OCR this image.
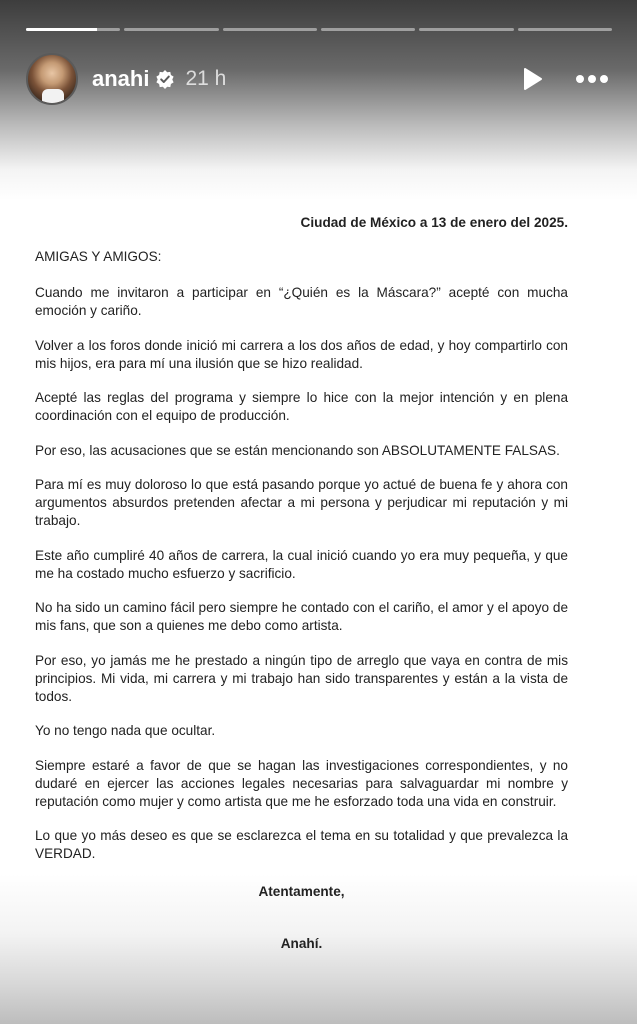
anahi 21 h

Ciudad de México a 13 de enero del 2025.

AMIGAS Y AMIGOS:

Cuando me invitaron a participar en “¿Quién es la Máscara?” acepté con mucha emoción y cariño.

Volver a los foros donde inició mi carrera a los dos años de edad, y hoy compartirlo con mis hijos, era para mí una ilusión que se hizo realidad.

Acepté las reglas del programa y siempre lo hice con la mejor intención y en plena coordinación con el equipo de producción.

Por eso, las acusaciones que se están mencionando son ABSOLUTAMENTE FALSAS.

Para mí es muy doloroso lo que está pasando porque yo actué de buena fe y ahora con argumentos absurdos pretenden afectar a mi persona y perjudicar mi reputación y mi trabajo.

Este año cumpliré 40 años de carrera, la cual inició cuando yo era muy pequeña, y que me ha costado mucho esfuerzo y sacrificio.

No ha sido un camino fácil pero siempre he contado con el cariño, el amor y el apoyo de mis fans, que son a quienes me debo como artista.

Por eso, yo jamás me he prestado a ningún tipo de arreglo que vaya en contra de mis principios. Mi vida, mi carrera y mi trabajo han sido transparentes y están a la vista de todos.

Yo no tengo nada que ocultar.

Siempre estaré a favor de que se hagan las investigaciones correspondientes, y no dudaré en ejercer las acciones legales necesarias para salvaguardar mi nombre y reputación como mujer y como artista que me he esforzado toda una vida en construir.

Lo que yo más deseo es que se esclarezca el tema en su totalidad y que prevalezca la VERDAD.

Atentamente,

Anahí.
